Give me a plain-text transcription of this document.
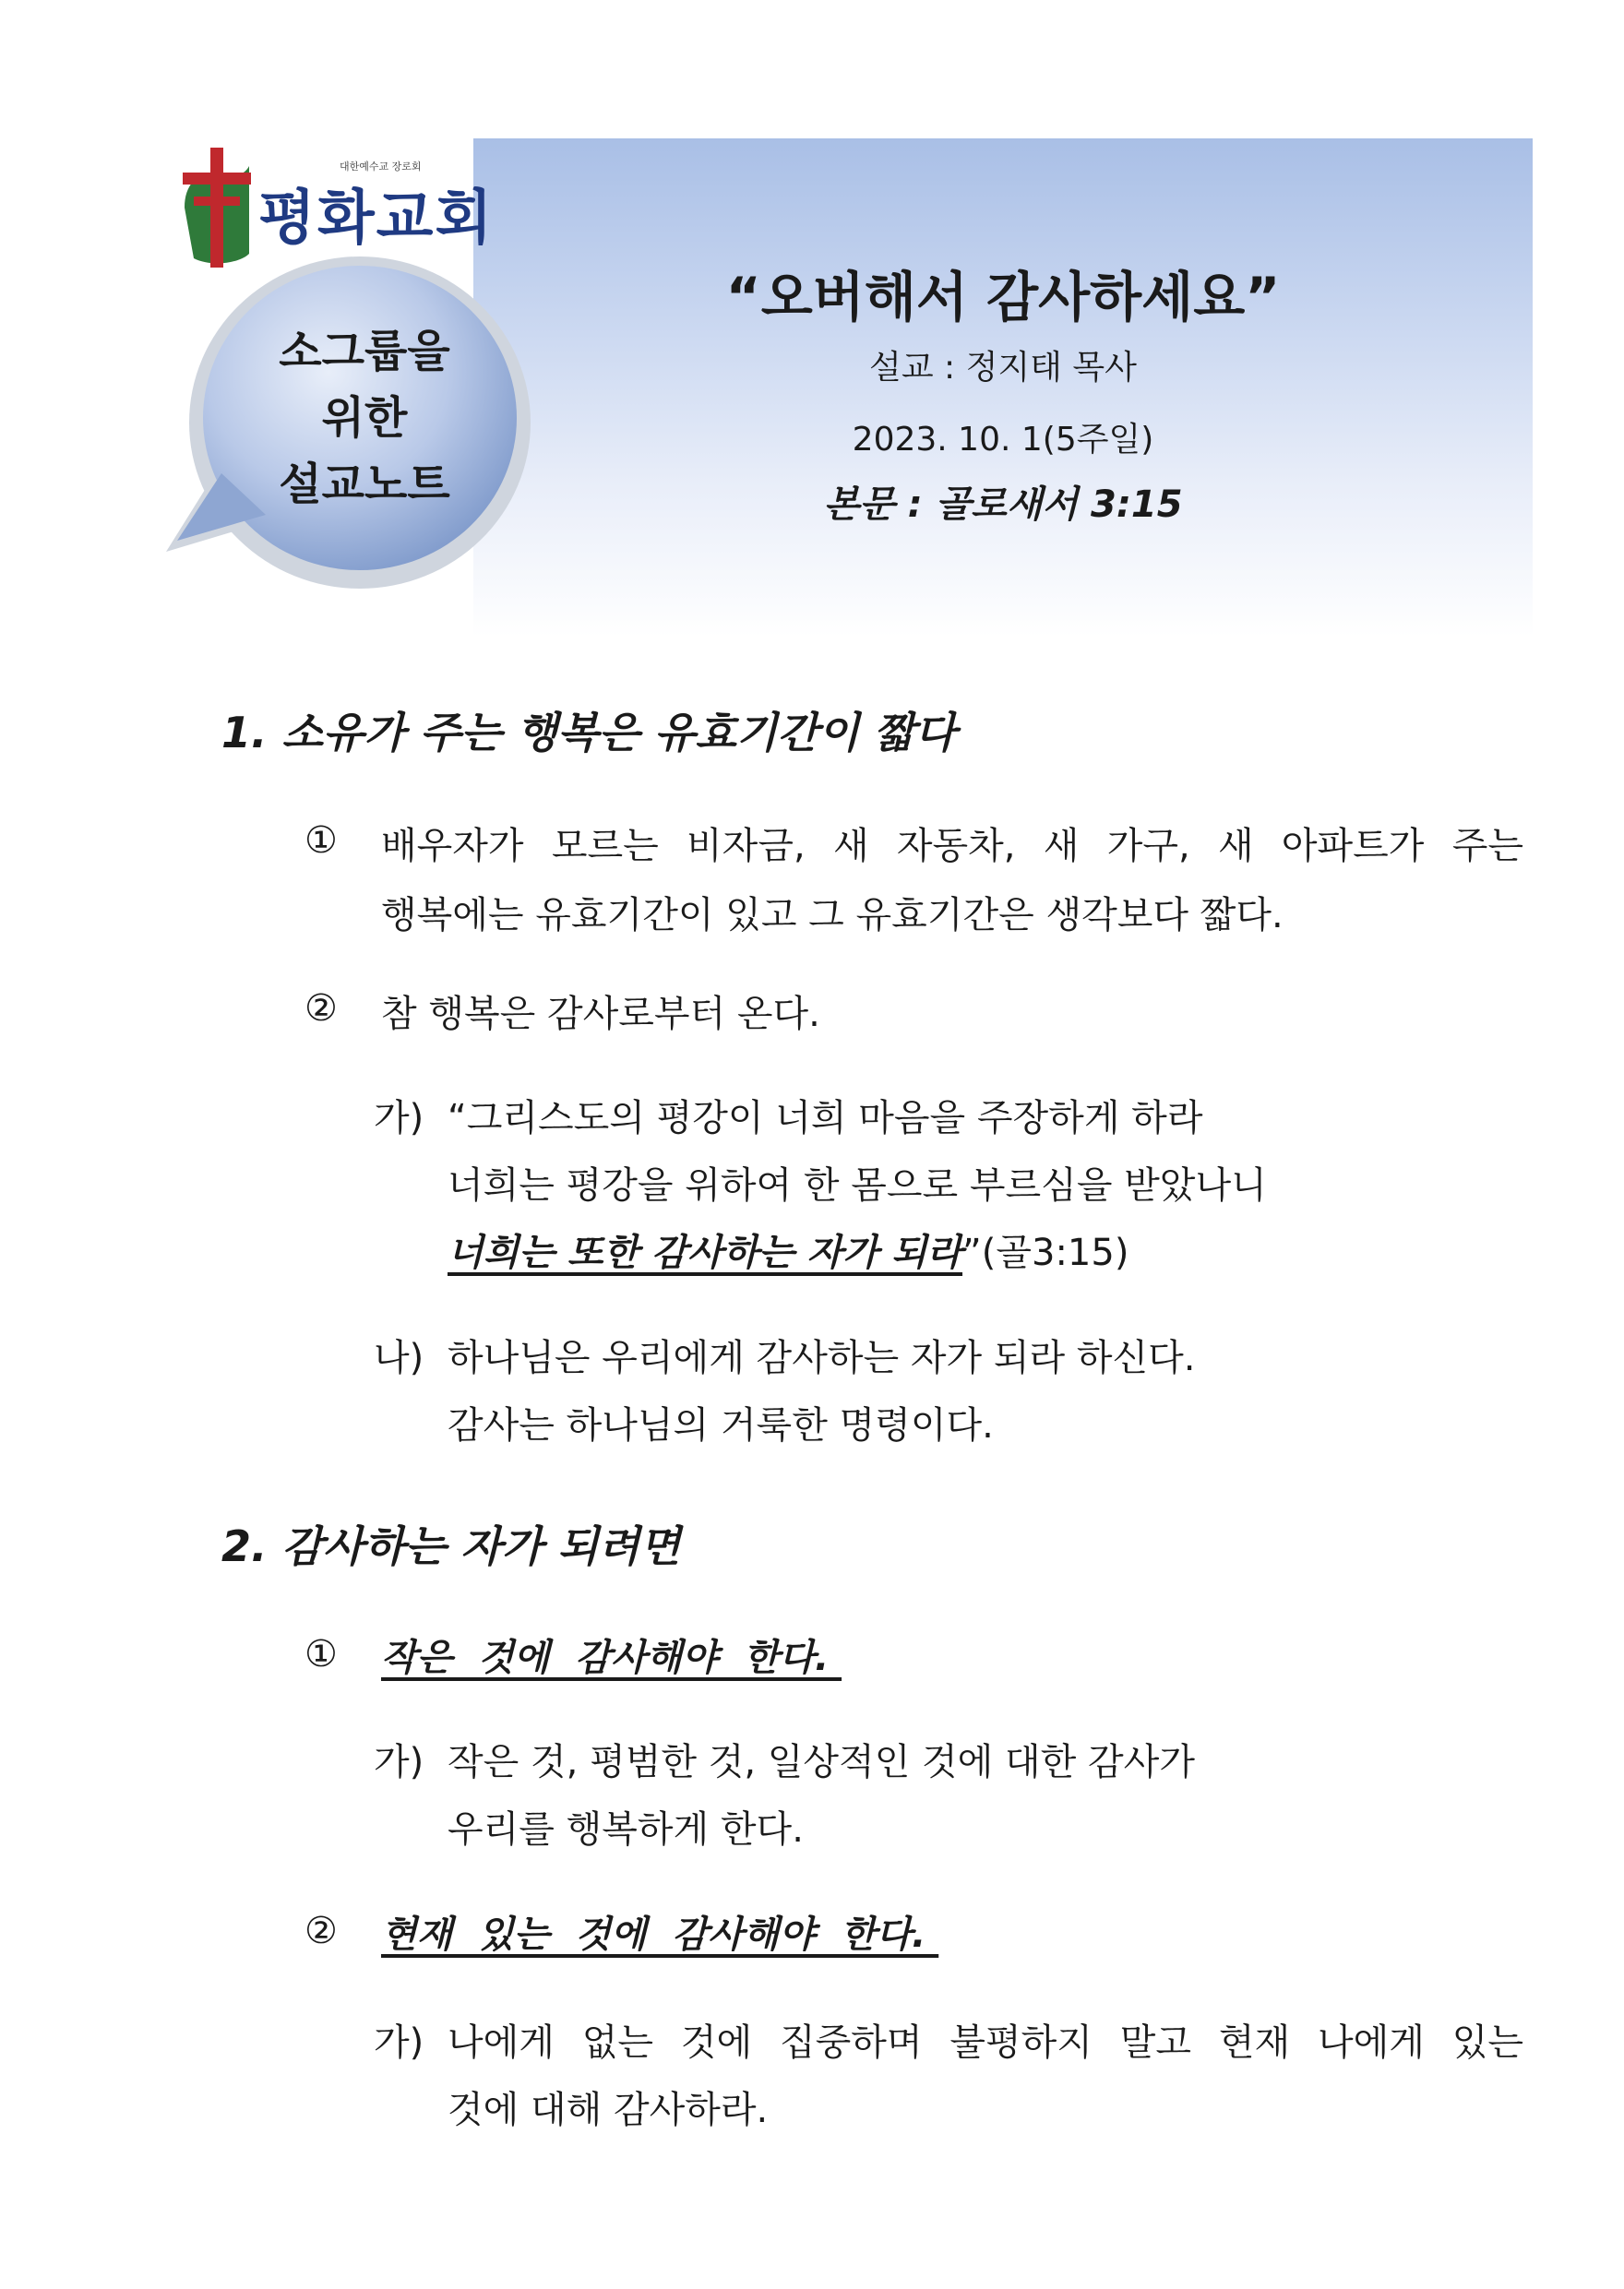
대한예수교 장로회
평화교회
소그룹을
위한
설교노트
“오버해서 감사하세요”
설교 : 정지태 목사
2023. 10. 1(5주일)
본문 : 골로새서 3:15
1. 소유가 주는 행복은 유효기간이 짧다
① 배우자가 모르는 비자금, 새 자동차, 새 가구, 새 아파트가 주는
행복에는 유효기간이 있고 그 유효기간은 생각보다 짧다.
② 참 행복은 감사로부터 온다.
가) “그리스도의 평강이 너희 마음을 주장하게 하라
너희는 평강을 위하여 한 몸으로 부르심을 받았나니
너희는 또한 감사하는 자가 되라”(골3:15)
나) 하나님은 우리에게 감사하는 자가 되라 하신다.
감사는 하나님의 거룩한 명령이다.
2. 감사하는 자가 되려면
① 작은  것에  감사해야  한다.
가) 작은 것, 평범한 것, 일상적인 것에 대한 감사가
우리를 행복하게 한다.
② 현재  있는  것에  감사해야  한다.
가) 나에게 없는 것에 집중하며 불평하지 말고 현재 나에게 있는
것에 대해 감사하라.
